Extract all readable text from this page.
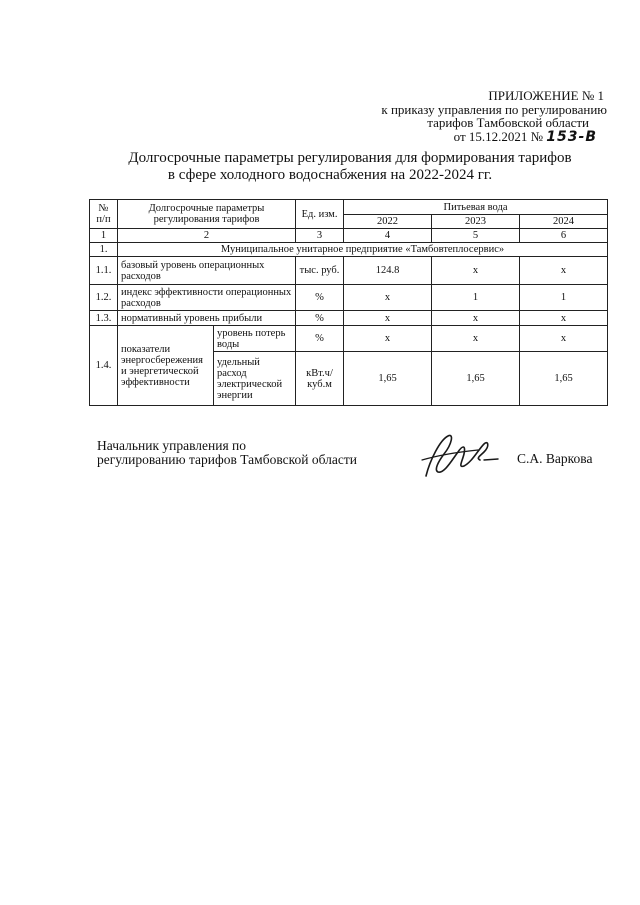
ПРИЛОЖЕНИЕ № 1
к приказу управления по регулированию
тарифов Тамбовской области
от 15.12.2021 № 153-В
Долгосрочные параметры регулирования для формирования тарифов
в сфере холодного водоснабжения на 2022-2024 гг.
№ п/п	Долгосрочные параметры регулирования тарифов		Ед. изм.	Питьевая вода		
				2022	2023	2024
1	2		3	4	5	6
1.	Муниципальное унитарное предприятие «Тамбовтеплосервис»					
1.1.	базовый уровень операционных расходов		тыс. руб.	124.8	x	x
1.2.	индекс эффективности операционных расходов		%	x	1	1
1.3.	нормативный уровень прибыли		%	x	x	x
1.4.	показатели энергосбережения и энергетической эффективности	уровень потерь воды	%	x	x	x
		удельный расход электрической энергии	кВт.ч/ куб.м	1,65	1,65	1,65
Начальник управления по
регулированию тарифов Тамбовской области	С.А. Варкова
